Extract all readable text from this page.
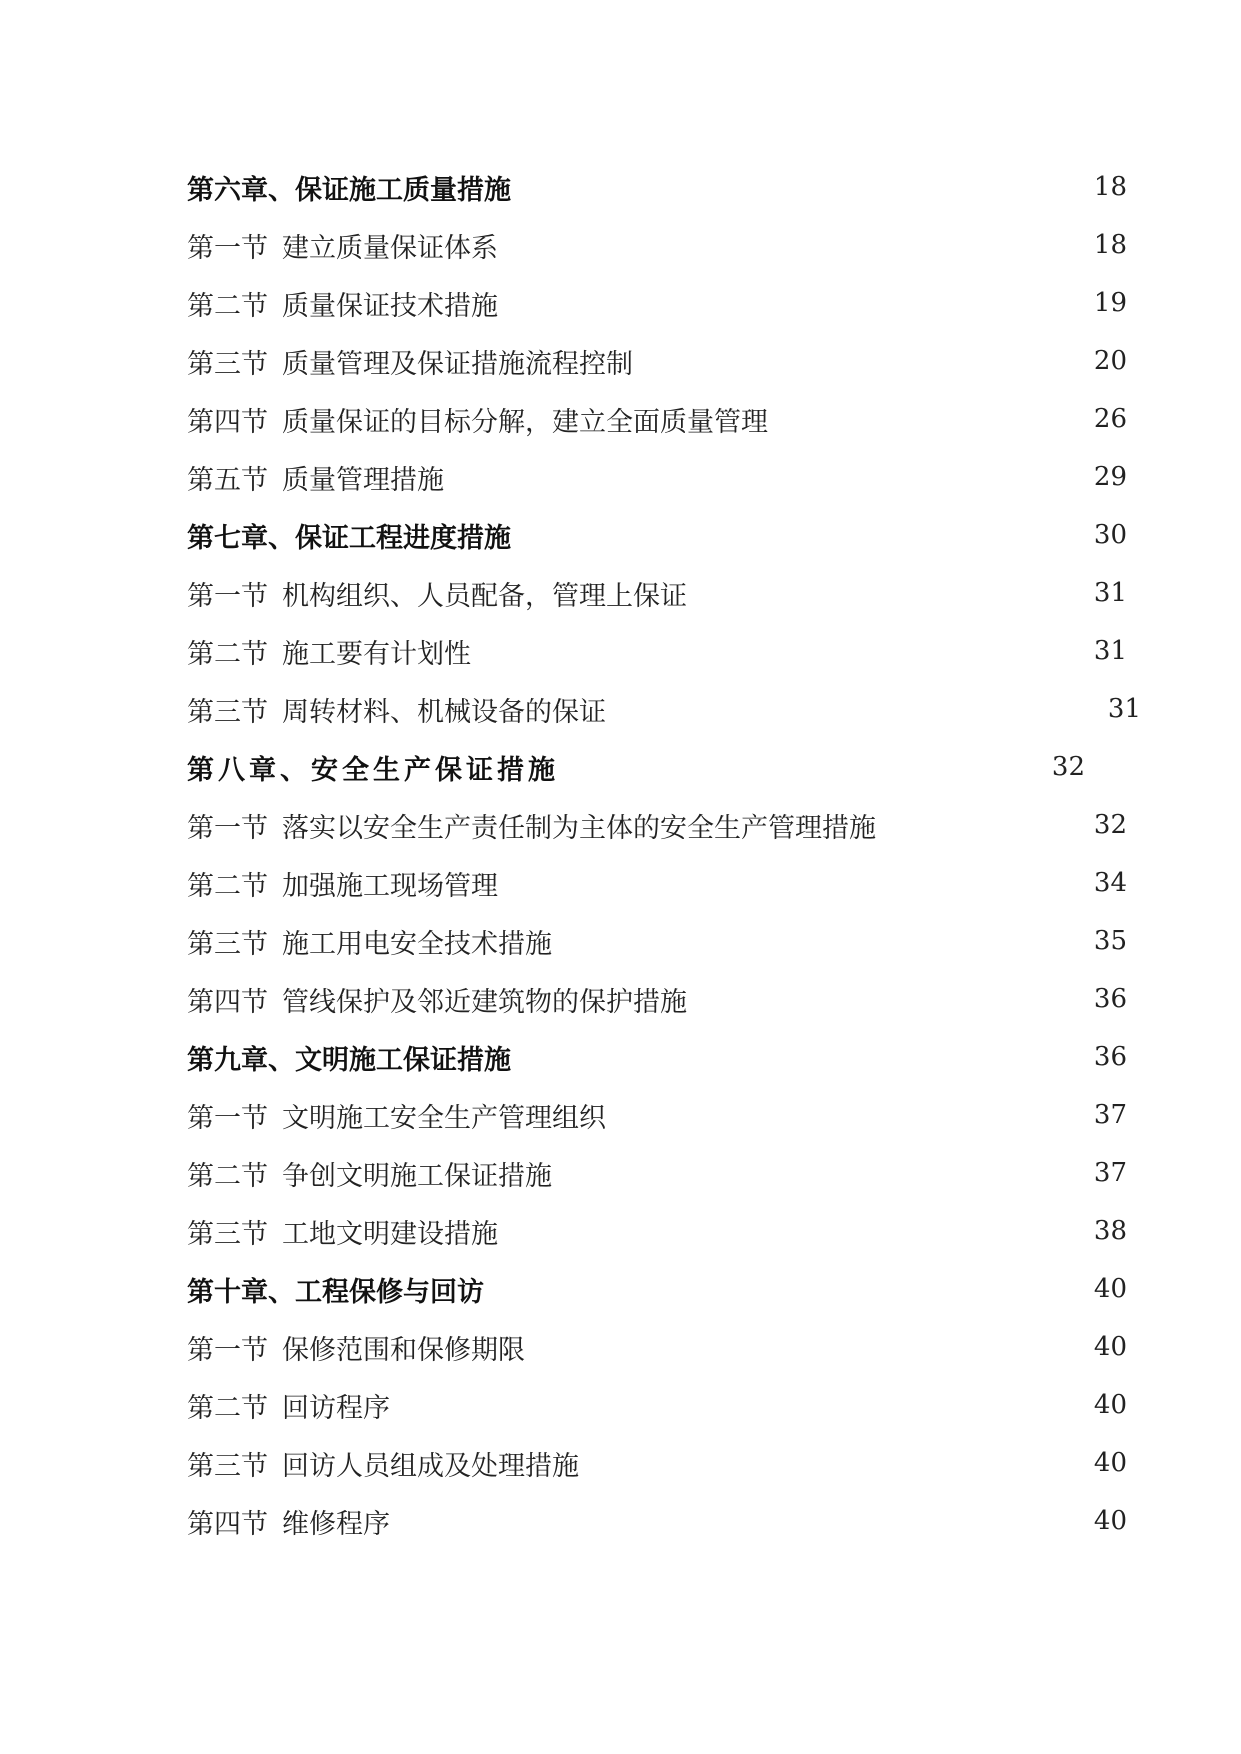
第六章、保证施工质量措施	18
第一节 建立质量保证体系	18
第二节 质量保证技术措施	19
第三节 质量管理及保证措施流程控制	20
第四节 质量保证的目标分解，建立全面质量管理	26
第五节 质量管理措施	29
第七章、保证工程进度措施	30
第一节 机构组织、人员配备，管理上保证	31
第二节 施工要有计划性	31
第三节 周转材料、机械设备的保证	31
第八章、安全生产保证措施	32
第一节 落实以安全生产责任制为主体的安全生产管理措施	32
第二节 加强施工现场管理	34
第三节 施工用电安全技术措施	35
第四节 管线保护及邻近建筑物的保护措施	36
第九章、文明施工保证措施	36
第一节 文明施工安全生产管理组织	37
第二节 争创文明施工保证措施	37
第三节 工地文明建设措施	38
第十章、工程保修与回访	40
第一节 保修范围和保修期限	40
第二节 回访程序	40
第三节 回访人员组成及处理措施	40
第四节 维修程序	40
